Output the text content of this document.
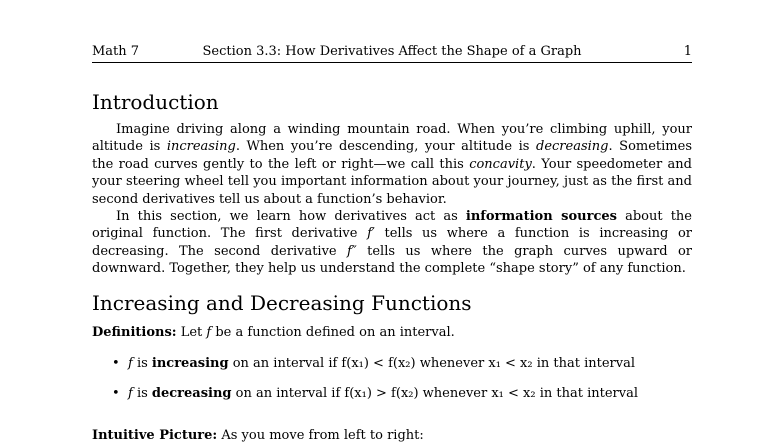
Math 7	Section 3.3: How Derivatives Affect the Shape of a Graph	1
Introduction

Imagine driving along a winding mountain road. When you’re climbing uphill, your altitude is increasing. When you’re descending, your altitude is decreasing. Sometimes the road curves gently to the left or right—we call this concavity. Your speedometer and your steering wheel tell you important information about your journey, just as the first and second derivatives tell us about a function’s behavior.

In this section, we learn how derivatives act as information sources about the original function. The first derivative f′ tells us where a function is increasing or decreasing. The second derivative f″ tells us where the graph curves upward or downward. Together, they help us understand the complete “shape story” of any function.

Increasing and Decreasing Functions
Definitions: Let f be a function defined on an interval.
• f is increasing on an interval if f(x₁) < f(x₂) whenever x₁ < x₂ in that interval
• f is decreasing on an interval if f(x₁) > f(x₂) whenever x₁ < x₂ in that interval
Intuitive Picture: As you move from left to right:
